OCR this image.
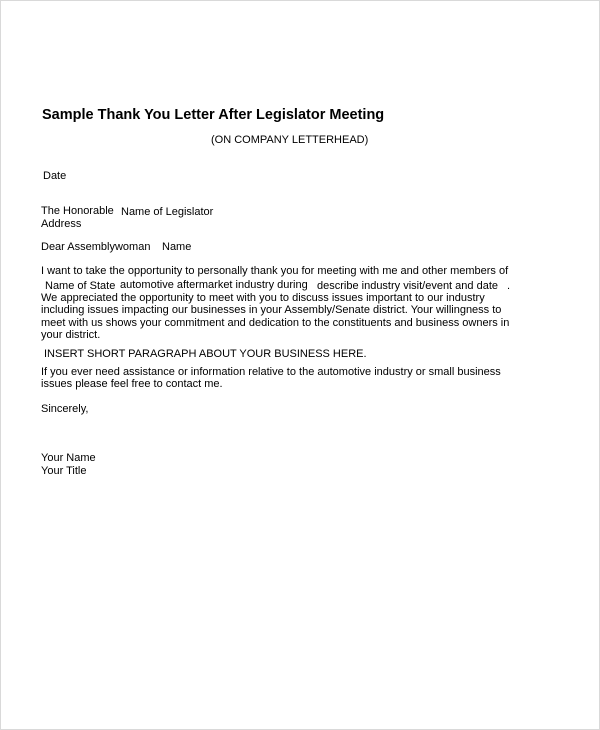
Sample Thank You Letter After Legislator Meeting
(ON COMPANY LETTERHEAD)
Date
The Honorable Name of Legislator
Address
Dear Assemblywoman Name
I want to take the opportunity to personally thank you for meeting with me and other members of
Name of State automotive aftermarket industry during describe industry visit/event and date .
We appreciated the opportunity to meet with you to discuss issues important to our industry
including issues impacting our businesses in your Assembly/Senate district. Your willingness to
meet with us shows your commitment and dedication to the constituents and business owners in
your district.
INSERT SHORT PARAGRAPH ABOUT YOUR BUSINESS HERE.
If you ever need assistance or information relative to the automotive industry or small business
issues please feel free to contact me.
Sincerely,
Your Name
Your Title
